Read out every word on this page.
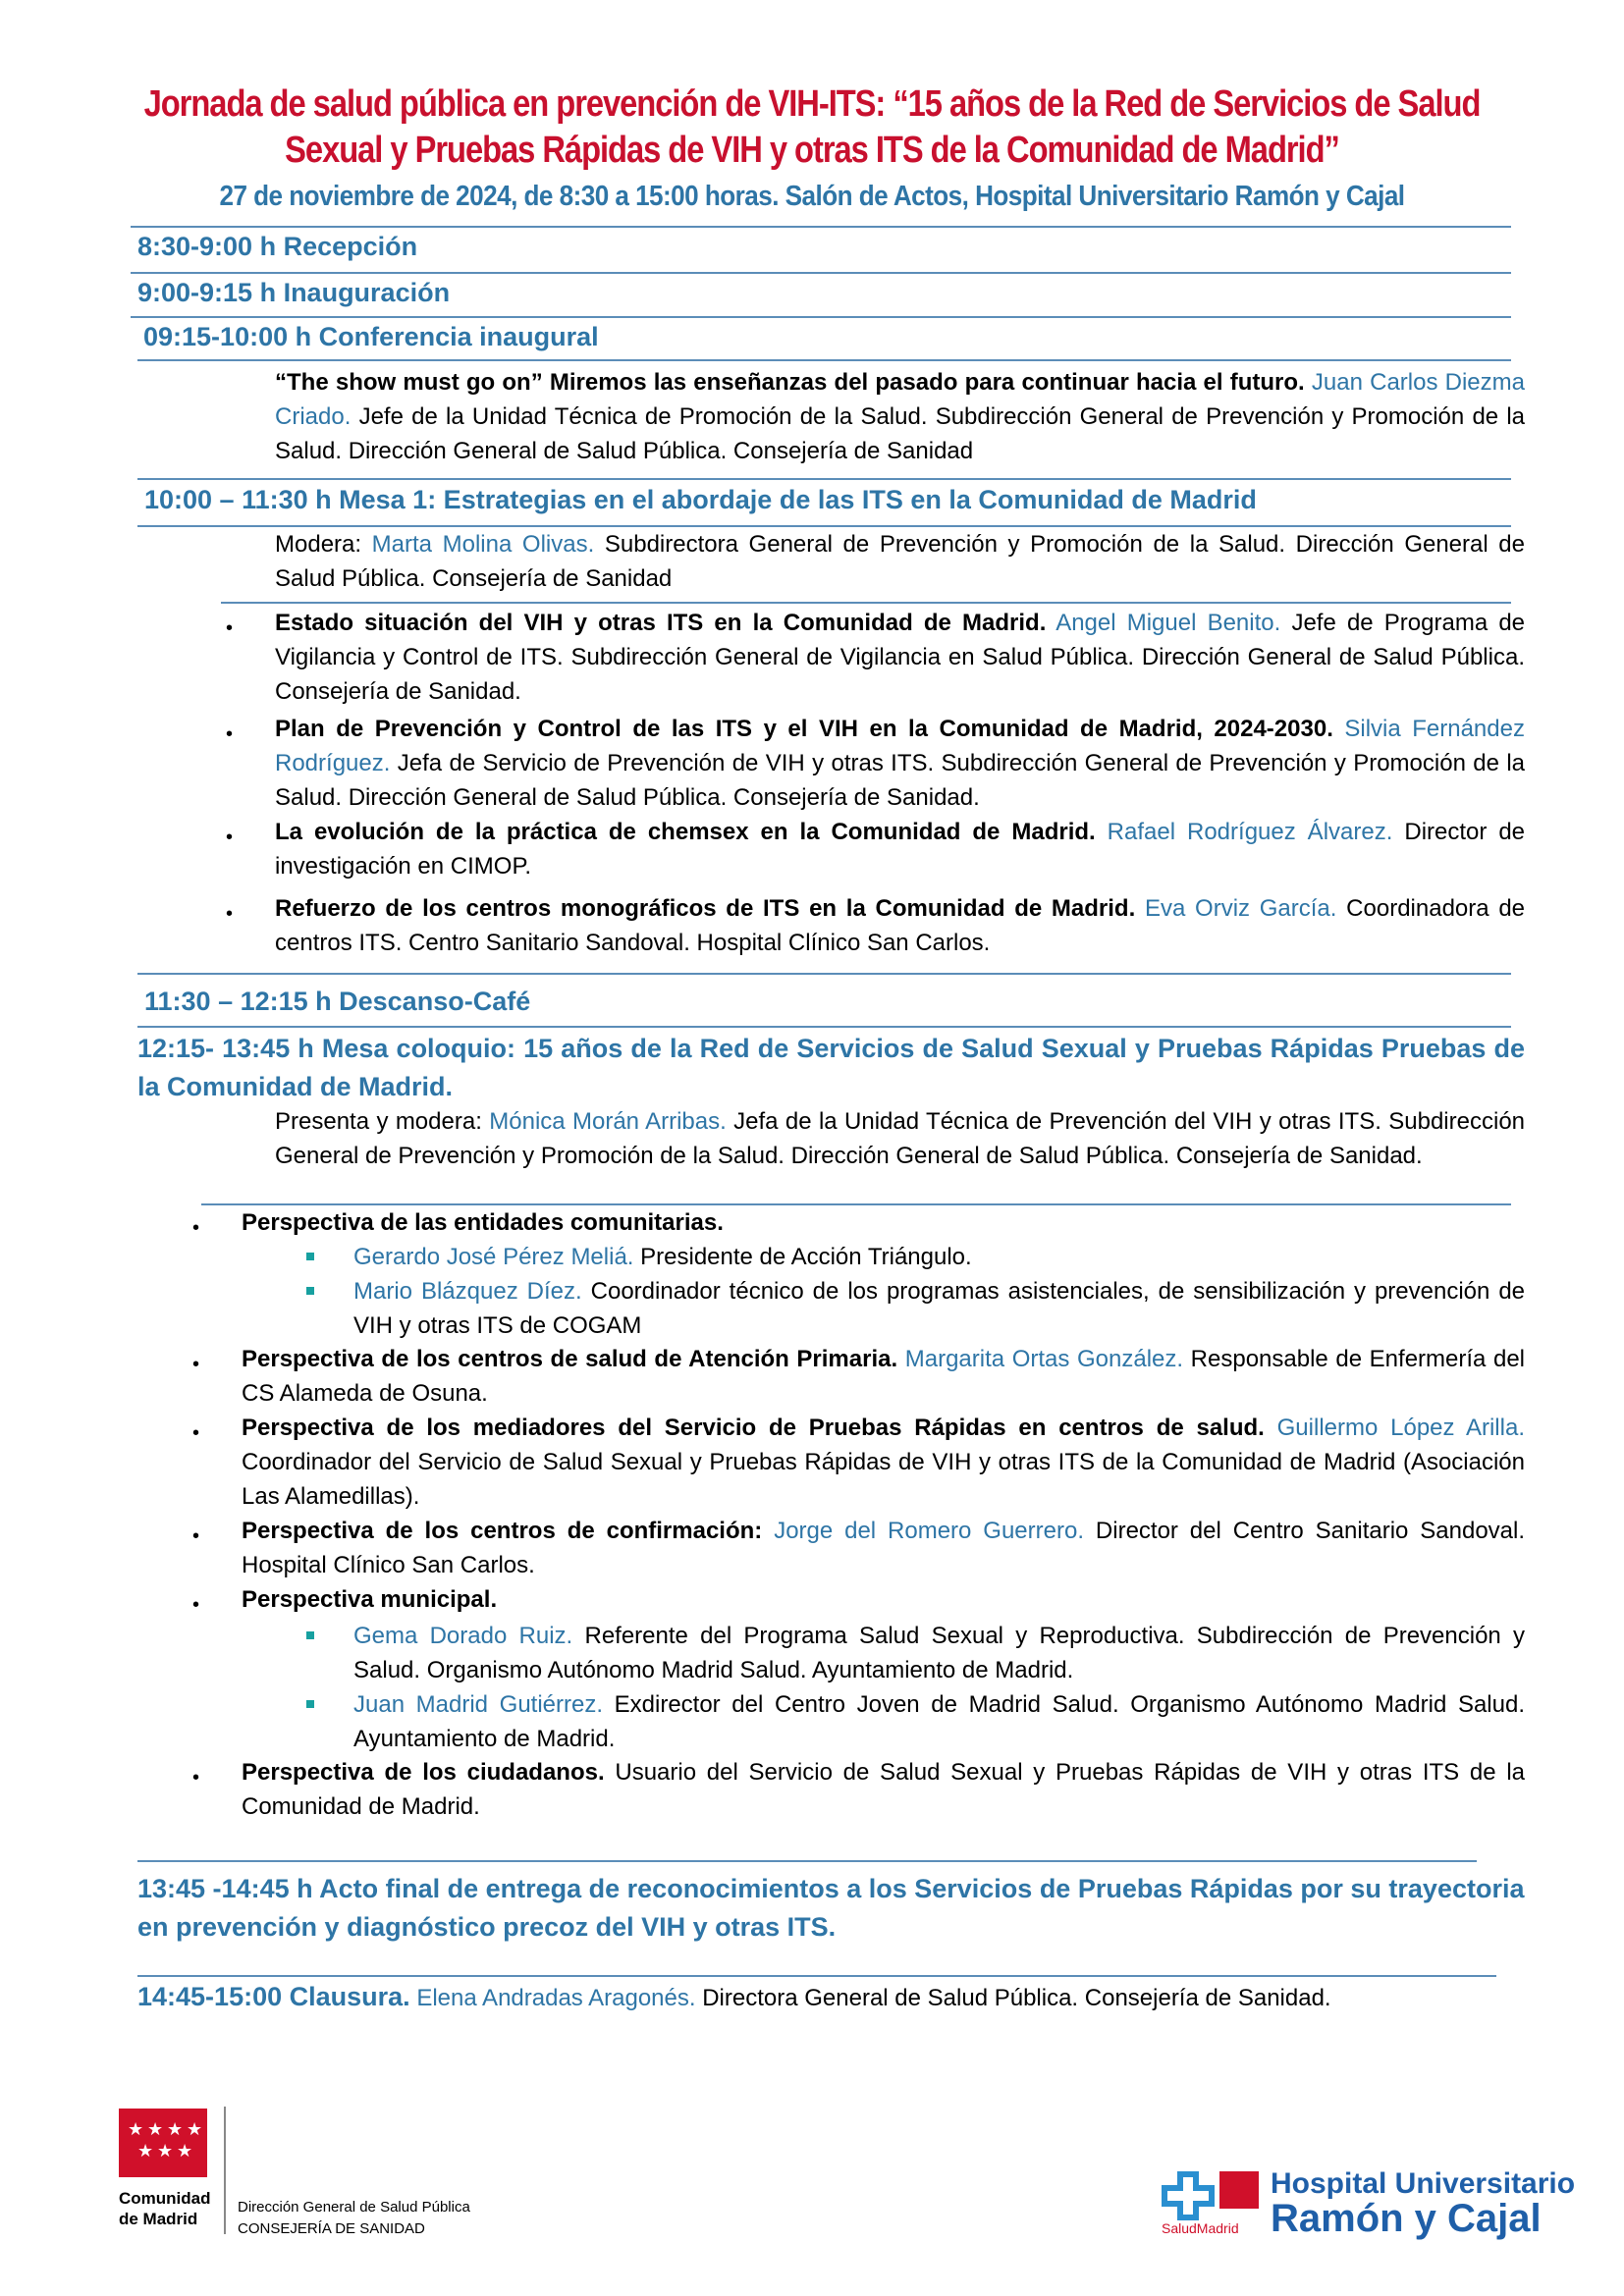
Jornada de salud pública en prevención de VIH-ITS: “15 años de la Red de Servicios de Salud
Sexual y Pruebas Rápidas de VIH y otras ITS de la Comunidad de Madrid”
27 de noviembre de 2024, de 8:30 a 15:00 horas. Salón de Actos, Hospital Universitario Ramón y Cajal
8:30-9:00 h Recepción
9:00-9:15 h Inauguración
09:15-10:00 h Conferencia inaugural
“The show must go on” Miremos las enseñanzas del pasado para continuar hacia el futuro. Juan Carlos Diezma Criado. Jefe de la Unidad Técnica de Promoción de la Salud. Subdirección General de Prevención y Promoción de la Salud. Dirección General de Salud Pública. Consejería de Sanidad
10:00 – 11:30 h Mesa 1: Estrategias en el abordaje de las ITS en la Comunidad de Madrid
Modera: Marta Molina Olivas. Subdirectora General de Prevención y Promoción de la Salud. Dirección General de Salud Pública. Consejería de Sanidad
• Estado situación del VIH y otras ITS en la Comunidad de Madrid. Angel Miguel Benito. Jefe de Programa de Vigilancia y Control de ITS. Subdirección General de Vigilancia en Salud Pública. Dirección General de Salud Pública. Consejería de Sanidad.
• Plan de Prevención y Control de las ITS y el VIH en la Comunidad de Madrid, 2024-2030. Silvia Fernández Rodríguez. Jefa de Servicio de Prevención de VIH y otras ITS. Subdirección General de Prevención y Promoción de la Salud. Dirección General de Salud Pública. Consejería de Sanidad.
• La evolución de la práctica de chemsex en la Comunidad de Madrid. Rafael Rodríguez Álvarez. Director de investigación en CIMOP.
• Refuerzo de los centros monográficos de ITS en la Comunidad de Madrid. Eva Orviz García. Coordinadora de centros ITS. Centro Sanitario Sandoval. Hospital Clínico San Carlos.
11:30 – 12:15 h Descanso-Café
12:15- 13:45 h Mesa coloquio: 15 años de la Red de Servicios de Salud Sexual y Pruebas Rápidas Pruebas de la Comunidad de Madrid.
Presenta y modera: Mónica Morán Arribas. Jefa de la Unidad Técnica de Prevención del VIH y otras ITS. Subdirección General de Prevención y Promoción de la Salud. Dirección General de Salud Pública. Consejería de Sanidad.
• Perspectiva de las entidades comunitarias.
Gerardo José Pérez Meliá. Presidente de Acción Triángulo.
Mario Blázquez Díez. Coordinador técnico de los programas asistenciales, de sensibilización y prevención de VIH y otras ITS de COGAM
• Perspectiva de los centros de salud de Atención Primaria. Margarita Ortas González. Responsable de Enfermería del CS Alameda de Osuna.
• Perspectiva de los mediadores del Servicio de Pruebas Rápidas en centros de salud. Guillermo López Arilla. Coordinador del Servicio de Salud Sexual y Pruebas Rápidas de VIH y otras ITS de la Comunidad de Madrid (Asociación Las Alamedillas).
• Perspectiva de los centros de confirmación: Jorge del Romero Guerrero. Director del Centro Sanitario Sandoval. Hospital Clínico San Carlos.
• Perspectiva municipal.
Gema Dorado Ruiz. Referente del Programa Salud Sexual y Reproductiva. Subdirección de Prevención y Salud. Organismo Autónomo Madrid Salud. Ayuntamiento de Madrid.
Juan Madrid Gutiérrez. Exdirector del Centro Joven de Madrid Salud. Organismo Autónomo Madrid Salud. Ayuntamiento de Madrid.
• Perspectiva de los ciudadanos. Usuario del Servicio de Salud Sexual y Pruebas Rápidas de VIH y otras ITS de la Comunidad de Madrid.
13:45 -14:45 h Acto final de entrega de reconocimientos a los Servicios de Pruebas Rápidas por su trayectoria en prevención y diagnóstico precoz del VIH y otras ITS.
14:45-15:00 Clausura. Elena Andradas Aragonés. Directora General de Salud Pública. Consejería de Sanidad.
★ ★ ★ ★
★ ★ ★
Comunidad
de Madrid
Dirección General de Salud Pública
CONSEJERÍA DE SANIDAD	SaludMadrid
Hospital Universitario
Ramón y Cajal
